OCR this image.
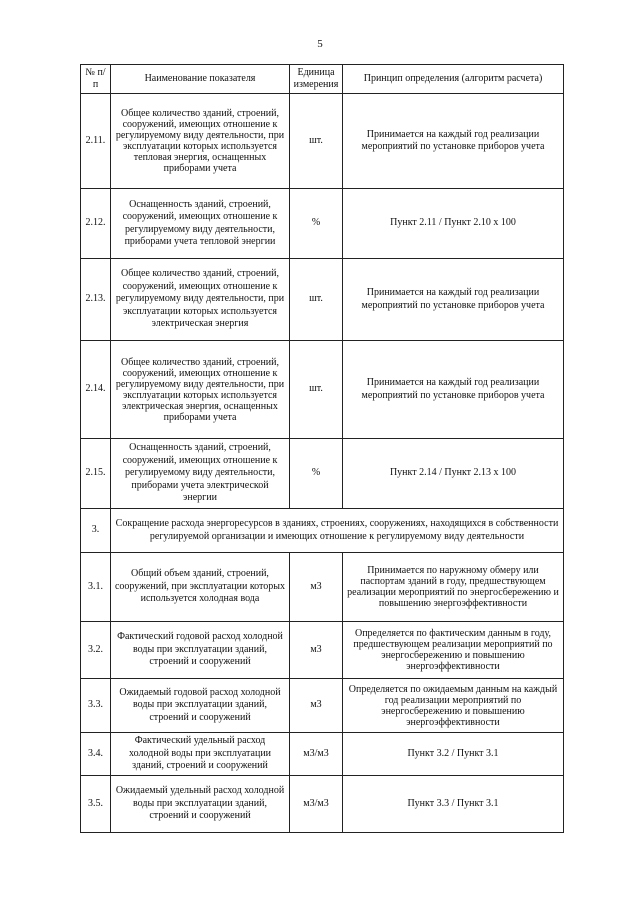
5
№ п/п	Наименование показателя	Единица измерения	Принцип определения (алгоритм расчета)
2.11.	Общее количество зданий, строений, сооружений, имеющих отношение к регулируемому виду деятельности, при эксплуатации которых используется тепловая энергия, оснащенных приборами учета	шт.	Принимается на каждый год реализации мероприятий по установке приборов учета
2.12.	Оснащенность зданий, строений, сооружений, имеющих отношение к регулируемому виду деятельности, приборами учета тепловой энергии	%	Пункт 2.11 / Пункт 2.10 x 100
2.13.	Общее количество зданий, строений, сооружений, имеющих отношение к регулируемому виду деятельности, при эксплуатации которых используется электрическая энергия	шт.	Принимается на каждый год реализации мероприятий по установке приборов учета
2.14.	Общее количество зданий, строений, сооружений, имеющих отношение к регулируемому виду деятельности, при эксплуатации которых используется электрическая энергия, оснащенных приборами учета	шт.	Принимается на каждый год реализации мероприятий по установке приборов учета
2.15.	Оснащенность зданий, строений, сооружений, имеющих отношение к регулируемому виду деятельности, приборами учета электрической энергии	%	Пункт 2.14 / Пункт 2.13 x 100
3.	Сокращение расхода энергоресурсов в зданиях, строениях, сооружениях, находящихся в собственности регулируемой организации и имеющих отношение к регулируемому виду деятельности		
3.1.	Общий объем зданий, строений, сооружений, при эксплуатации которых используется холодная вода	м3	Принимается по наружному обмеру или паспортам зданий в году, предшествующем реализации мероприятий по энергосбережению и повышению энергоэффективности
3.2.	Фактический годовой расход холодной воды при эксплуатации зданий, строений и сооружений	м3	Определяется по фактическим данным в году, предшествующем реализации мероприятий по энергосбережению и повышению энергоэффективности
3.3.	Ожидаемый годовой расход холодной воды при эксплуатации зданий, строений и сооружений	м3	Определяется по ожидаемым данным на каждый год реализации мероприятий по энергосбережению и повышению энергоэффективности
3.4.	Фактический удельный расход холодной воды при эксплуатации зданий, строений и сооружений	м3/м3	Пункт 3.2 / Пункт 3.1
3.5.	Ожидаемый удельный расход холодной воды при эксплуатации зданий, строений и сооружений	м3/м3	Пункт 3.3 / Пункт 3.1
